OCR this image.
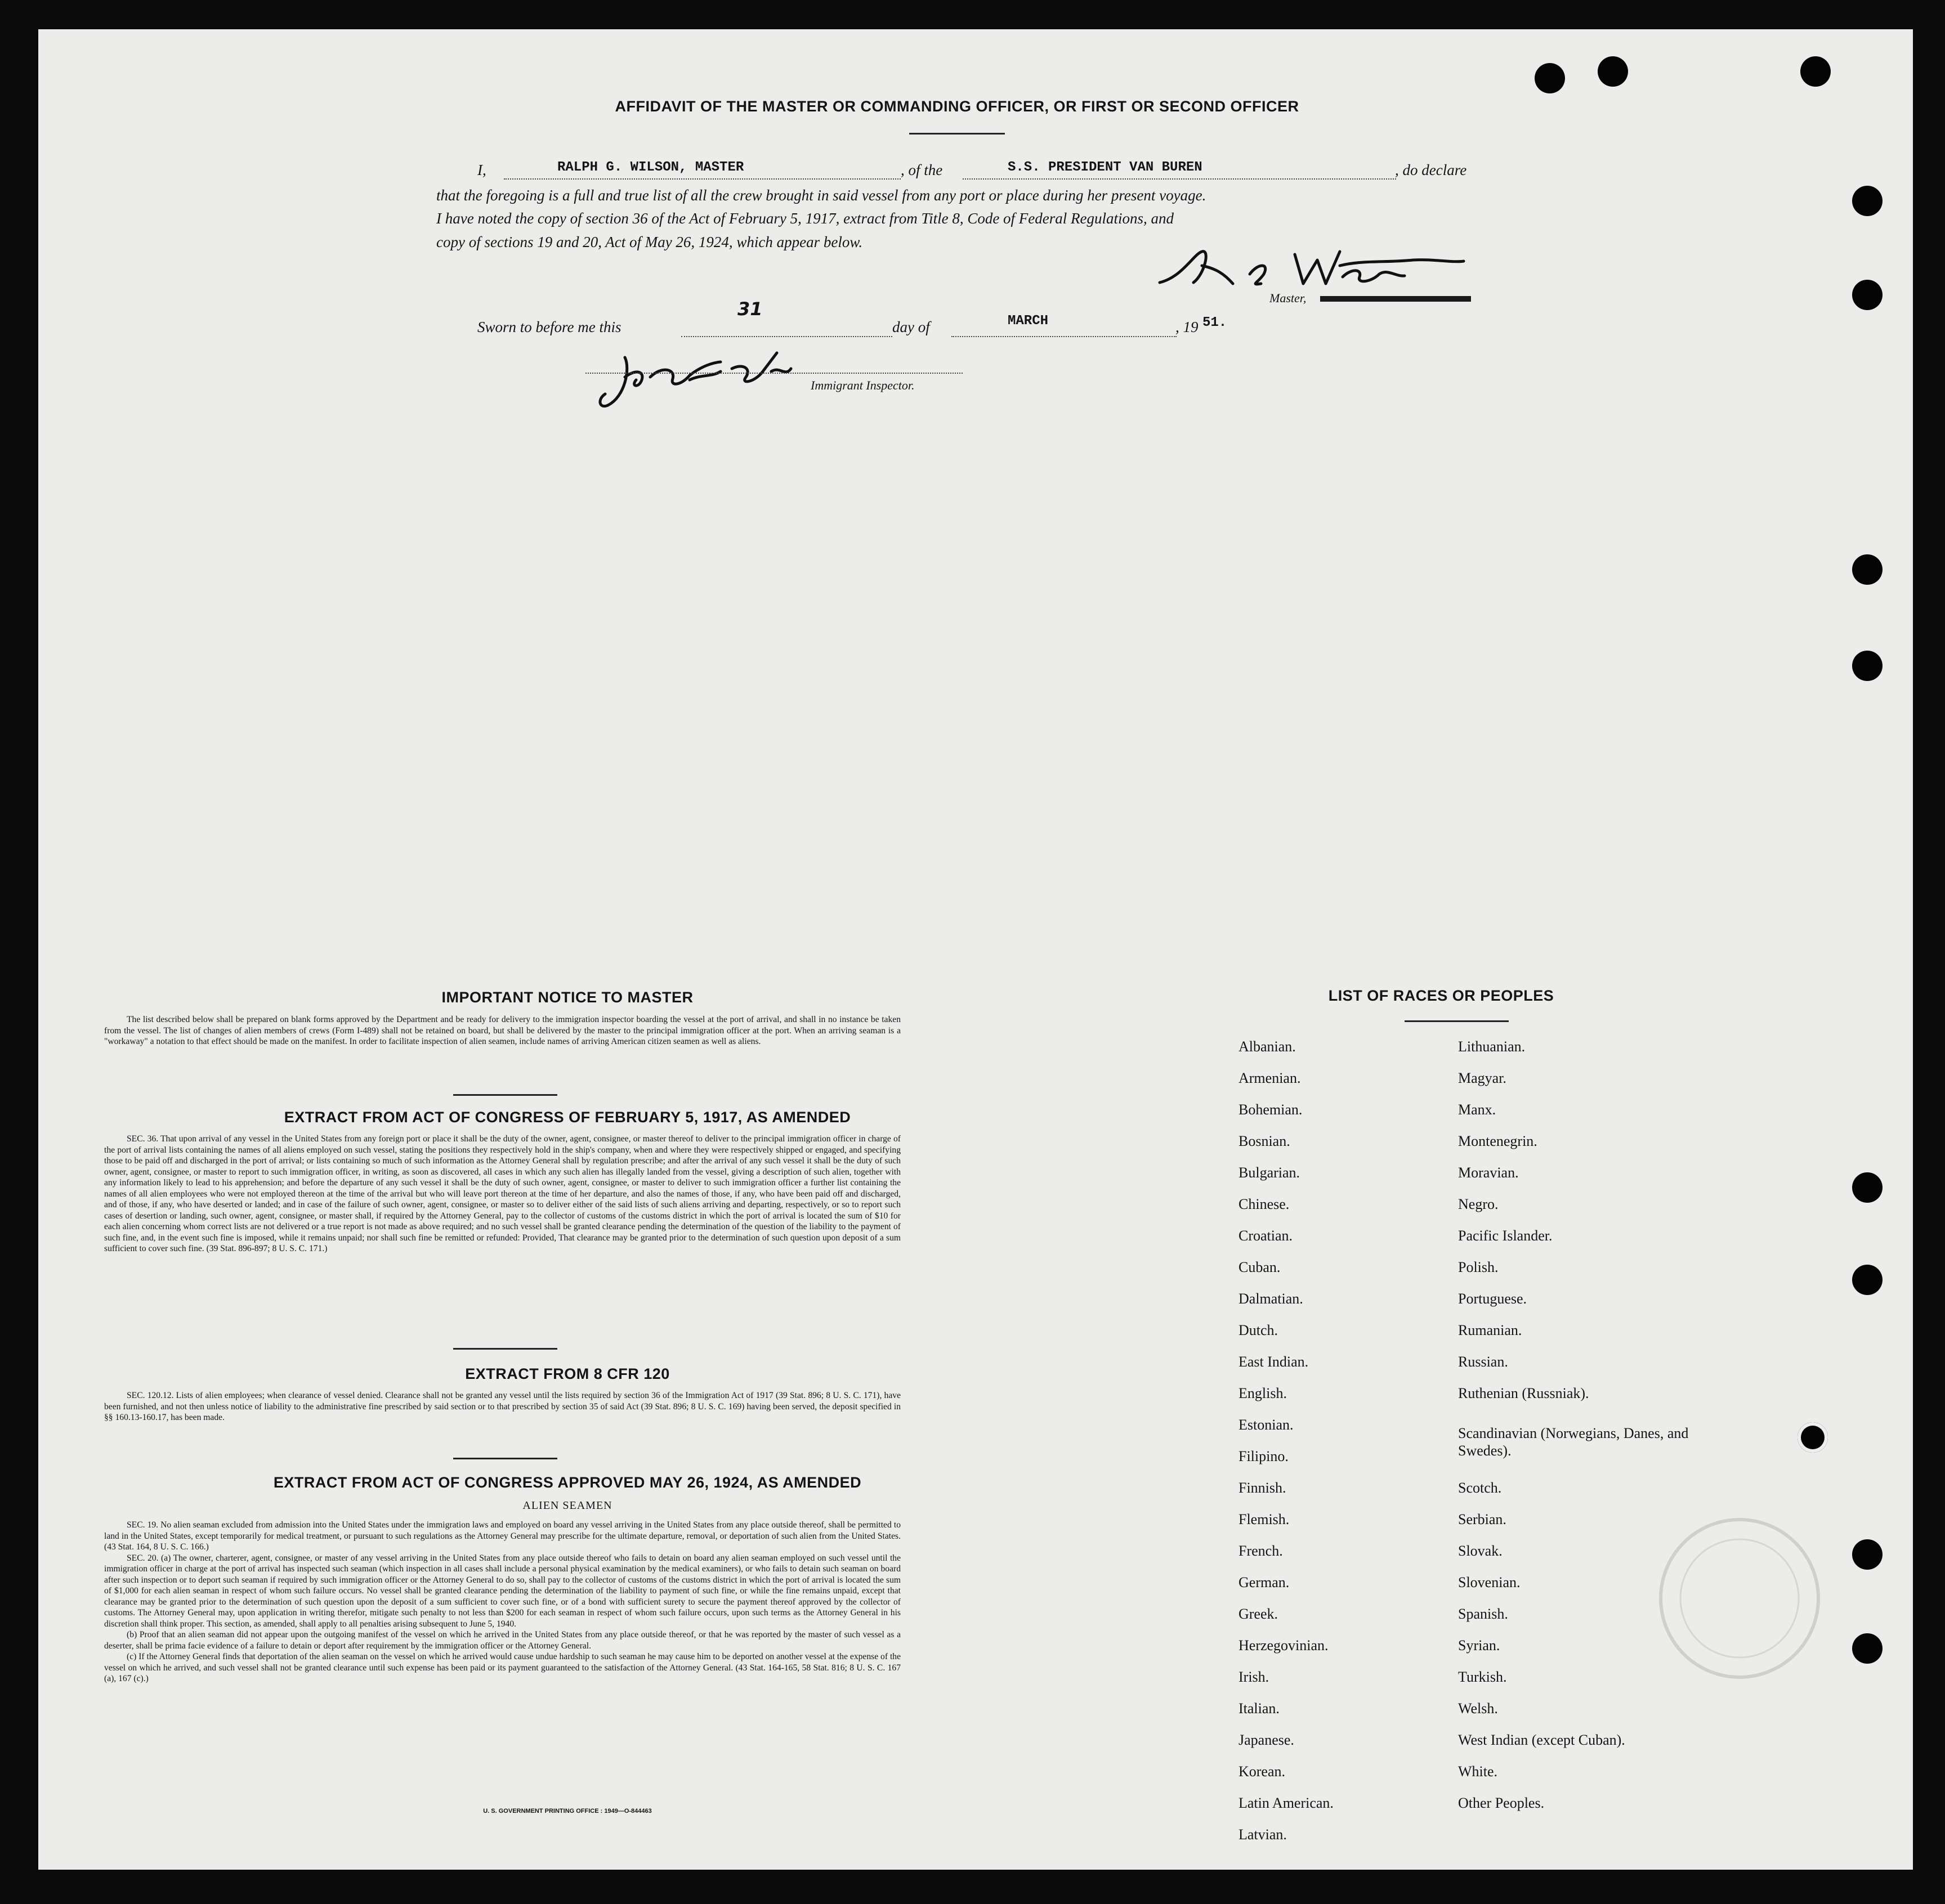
AFFIDAVIT OF THE MASTER OR COMMANDING OFFICER, OR FIRST OR SECOND OFFICER
I,	RALPH G. WILSON, MASTER	, of the	S.S. PRESIDENT VAN BUREN	, do declare
that the foregoing is a full and true list of all the crew brought in said vessel from any port or place during her present voyage.
I have noted the copy of section 36 of the Act of February 5, 1917, extract from Title 8, Code of Federal Regulations, and
copy of sections 19 and 20, Act of May 26, 1924, which appear below.
Master,
Sworn to before me this
31
day of	MARCH	, 19 51.
Immigrant Inspector.
IMPORTANT NOTICE TO MASTER

The list described below shall be prepared on blank forms approved by the Department and be ready for delivery to the immigration inspector boarding the vessel at the port of arrival, and shall in no instance be taken from the vessel. The list of changes of alien members of crews (Form I-489) shall not be retained on board, but shall be delivered by the master to the principal immigration officer at the port. When an arriving seaman is a "workaway" a notation to that effect should be made on the manifest. In order to facilitate inspection of alien seamen, include names of arriving American citizen seamen as well as aliens.

EXTRACT FROM ACT OF CONGRESS OF FEBRUARY 5, 1917, AS AMENDED

SEC. 36. That upon arrival of any vessel in the United States from any foreign port or place it shall be the duty of the owner, agent, consignee, or master thereof to deliver to the principal immigration officer in charge of the port of arrival lists containing the names of all aliens employed on such vessel, stating the positions they respectively hold in the ship's company, when and where they were respectively shipped or engaged, and specifying those to be paid off and discharged in the port of arrival; or lists containing so much of such information as the Attorney General shall by regulation prescribe; and after the arrival of any such vessel it shall be the duty of such owner, agent, consignee, or master to report to such immigration officer, in writing, as soon as discovered, all cases in which any such alien has illegally landed from the vessel, giving a description of such alien, together with any information likely to lead to his apprehension; and before the departure of any such vessel it shall be the duty of such owner, agent, consignee, or master to deliver to such immigration officer a further list containing the names of all alien employees who were not employed thereon at the time of the arrival but who will leave port thereon at the time of her departure, and also the names of those, if any, who have been paid off and discharged, and of those, if any, who have deserted or landed; and in case of the failure of such owner, agent, consignee, or master so to deliver either of the said lists of such aliens arriving and departing, respectively, or so to report such cases of desertion or landing, such owner, agent, consignee, or master shall, if required by the Attorney General, pay to the collector of customs of the customs district in which the port of arrival is located the sum of $10 for each alien concerning whom correct lists are not delivered or a true report is not made as above required; and no such vessel shall be granted clearance pending the determination of the question of the liability to the payment of such fine, and, in the event such fine is imposed, while it remains unpaid; nor shall such fine be remitted or refunded: Provided, That clearance may be granted prior to the determination of such question upon deposit of a sum sufficient to cover such fine. (39 Stat. 896-897; 8 U. S. C. 171.)

EXTRACT FROM 8 CFR 120

SEC. 120.12. Lists of alien employees; when clearance of vessel denied. Clearance shall not be granted any vessel until the lists required by section 36 of the Immigration Act of 1917 (39 Stat. 896; 8 U. S. C. 171), have been furnished, and not then unless notice of liability to the administrative fine prescribed by said section or to that prescribed by section 35 of said Act (39 Stat. 896; 8 U. S. C. 169) having been served, the deposit specified in §§ 160.13-160.17, has been made.

EXTRACT FROM ACT OF CONGRESS APPROVED MAY 26, 1924, AS AMENDED
ALIEN SEAMEN

SEC. 19. No alien seaman excluded from admission into the United States under the immigration laws and employed on board any vessel arriving in the United States from any place outside thereof, shall be permitted to land in the United States, except temporarily for medical treatment, or pursuant to such regulations as the Attorney General may prescribe for the ultimate departure, removal, or deportation of such alien from the United States. (43 Stat. 164, 8 U. S. C. 166.)

SEC. 20. (a) The owner, charterer, agent, consignee, or master of any vessel arriving in the United States from any place outside thereof who fails to detain on board any alien seaman employed on such vessel until the immigration officer in charge at the port of arrival has inspected such seaman (which inspection in all cases shall include a personal physical examination by the medical examiners), or who fails to detain such seaman on board after such inspection or to deport such seaman if required by such immigration officer or the Attorney General to do so, shall pay to the collector of customs of the customs district in which the port of arrival is located the sum of $1,000 for each alien seaman in respect of whom such failure occurs. No vessel shall be granted clearance pending the determination of the liability to payment of such fine, or while the fine remains unpaid, except that clearance may be granted prior to the determination of such question upon the deposit of a sum sufficient to cover such fine, or of a bond with sufficient surety to secure the payment thereof approved by the collector of customs. The Attorney General may, upon application in writing therefor, mitigate such penalty to not less than $200 for each seaman in respect of whom such failure occurs, upon such terms as the Attorney General in his discretion shall think proper. This section, as amended, shall apply to all penalties arising subsequent to June 5, 1940.

(b) Proof that an alien seaman did not appear upon the outgoing manifest of the vessel on which he arrived in the United States from any place outside thereof, or that he was reported by the master of such vessel as a deserter, shall be prima facie evidence of a failure to detain or deport after requirement by the immigration officer or the Attorney General.

(c) If the Attorney General finds that deportation of the alien seaman on the vessel on which he arrived would cause undue hardship to such seaman he may cause him to be deported on another vessel at the expense of the vessel on which he arrived, and such vessel shall not be granted clearance until such expense has been paid or its payment guaranteed to the satisfaction of the Attorney General. (43 Stat. 164-165, 58 Stat. 816; 8 U. S. C. 167 (a), 167 (c).)

U. S. GOVERNMENT PRINTING OFFICE : 1949—O-844463
LIST OF RACES OR PEOPLES
Albanian.
Armenian.
Bohemian.
Bosnian.
Bulgarian.
Chinese.
Croatian.
Cuban.
Dalmatian.
Dutch.
East Indian.
English.
Estonian.
Filipino.
Finnish.
Flemish.
French.
German.
Greek.
Herzegovinian.
Irish.
Italian.
Japanese.
Korean.
Latin American.
Latvian.
Lithuanian.
Magyar.
Manx.
Montenegrin.
Moravian.
Negro.
Pacific Islander.
Polish.
Portuguese.
Rumanian.
Russian.
Ruthenian (Russniak).
Scandinavian (Norwegians, Danes, and Swedes).
Scotch.
Serbian.
Slovak.
Slovenian.
Spanish.
Syrian.
Turkish.
Welsh.
West Indian (except Cuban).
White.
Other Peoples.
